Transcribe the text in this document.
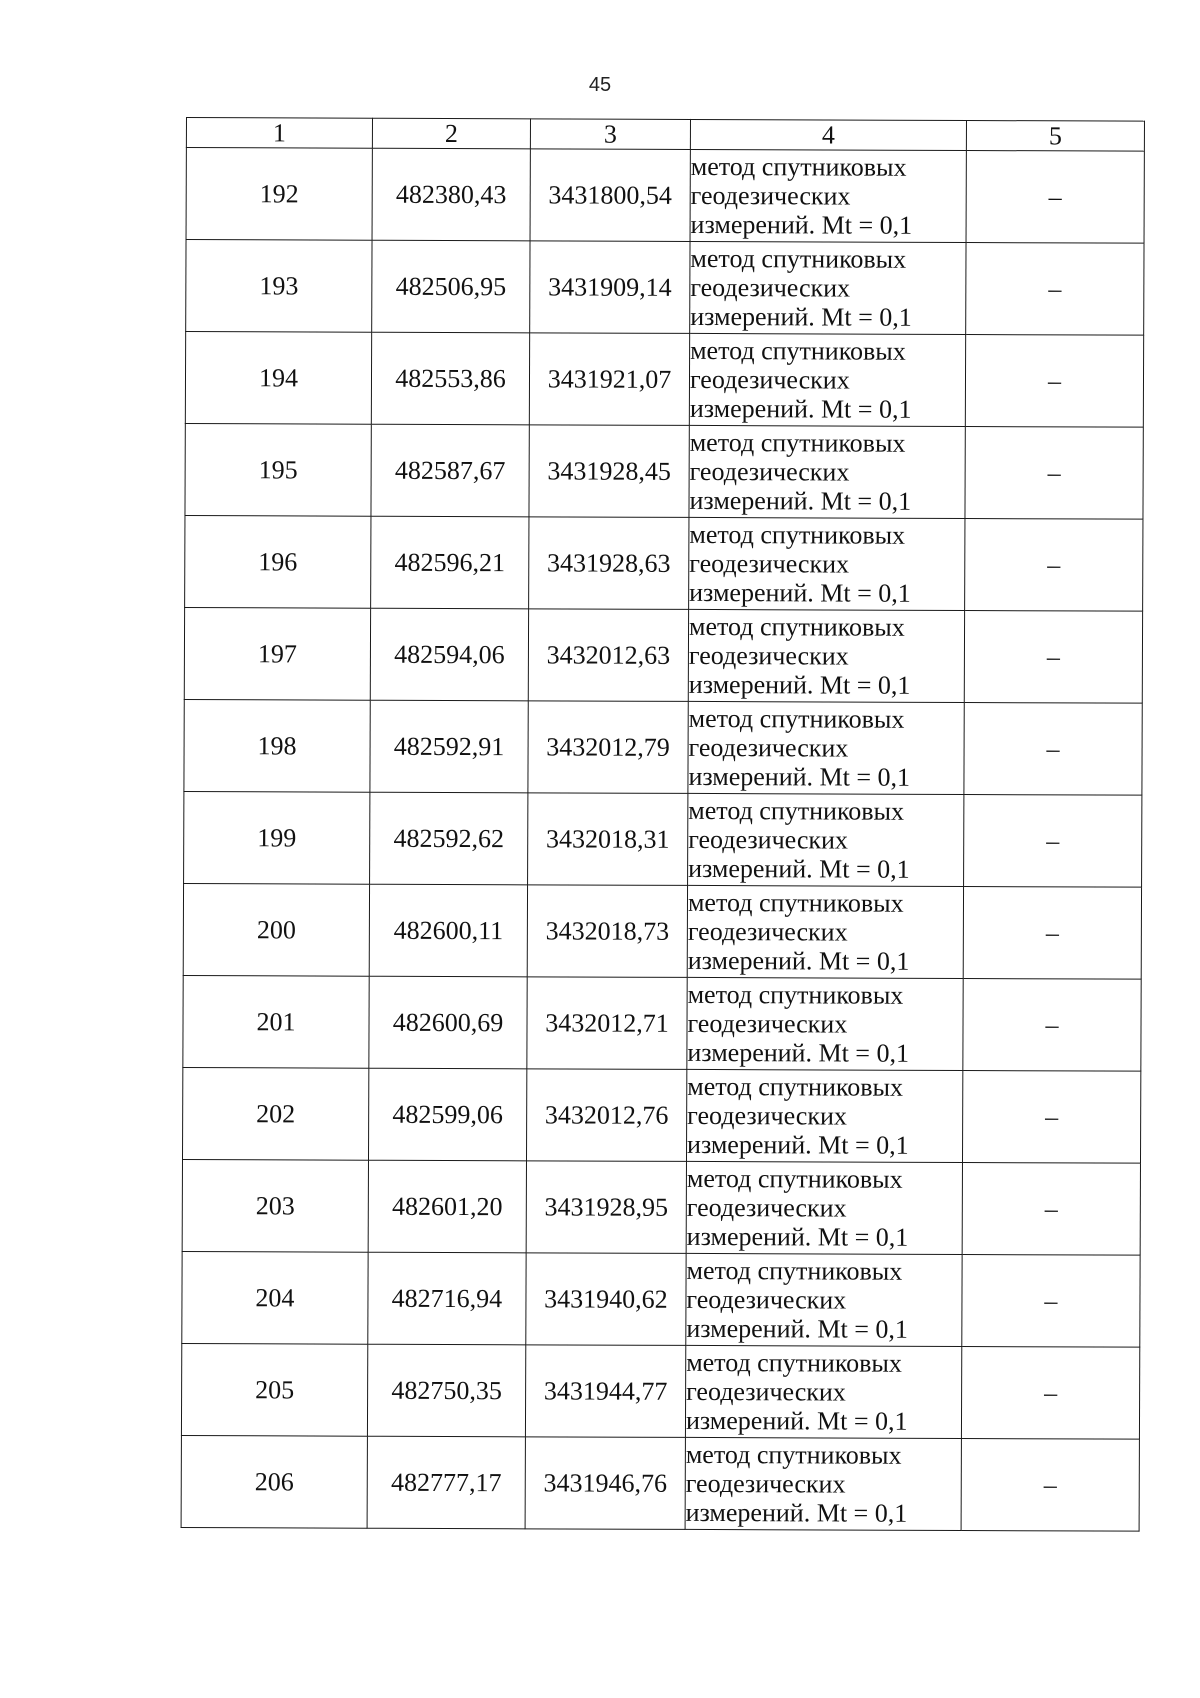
45
1	2	3	4	5
192	482380,43	3431800,54	метод спутниковых
геодезических
измерений. Mt = 0,1	–
193	482506,95	3431909,14	метод спутниковых
геодезических
измерений. Mt = 0,1	–
194	482553,86	3431921,07	метод спутниковых
геодезических
измерений. Mt = 0,1	–
195	482587,67	3431928,45	метод спутниковых
геодезических
измерений. Mt = 0,1	–
196	482596,21	3431928,63	метод спутниковых
геодезических
измерений. Mt = 0,1	–
197	482594,06	3432012,63	метод спутниковых
геодезических
измерений. Mt = 0,1	–
198	482592,91	3432012,79	метод спутниковых
геодезических
измерений. Mt = 0,1	–
199	482592,62	3432018,31	метод спутниковых
геодезических
измерений. Mt = 0,1	–
200	482600,11	3432018,73	метод спутниковых
геодезических
измерений. Mt = 0,1	–
201	482600,69	3432012,71	метод спутниковых
геодезических
измерений. Mt = 0,1	–
202	482599,06	3432012,76	метод спутниковых
геодезических
измерений. Mt = 0,1	–
203	482601,20	3431928,95	метод спутниковых
геодезических
измерений. Mt = 0,1	–
204	482716,94	3431940,62	метод спутниковых
геодезических
измерений. Mt = 0,1	–
205	482750,35	3431944,77	метод спутниковых
геодезических
измерений. Mt = 0,1	–
206	482777,17	3431946,76	метод спутниковых
геодезических
измерений. Mt = 0,1	–
